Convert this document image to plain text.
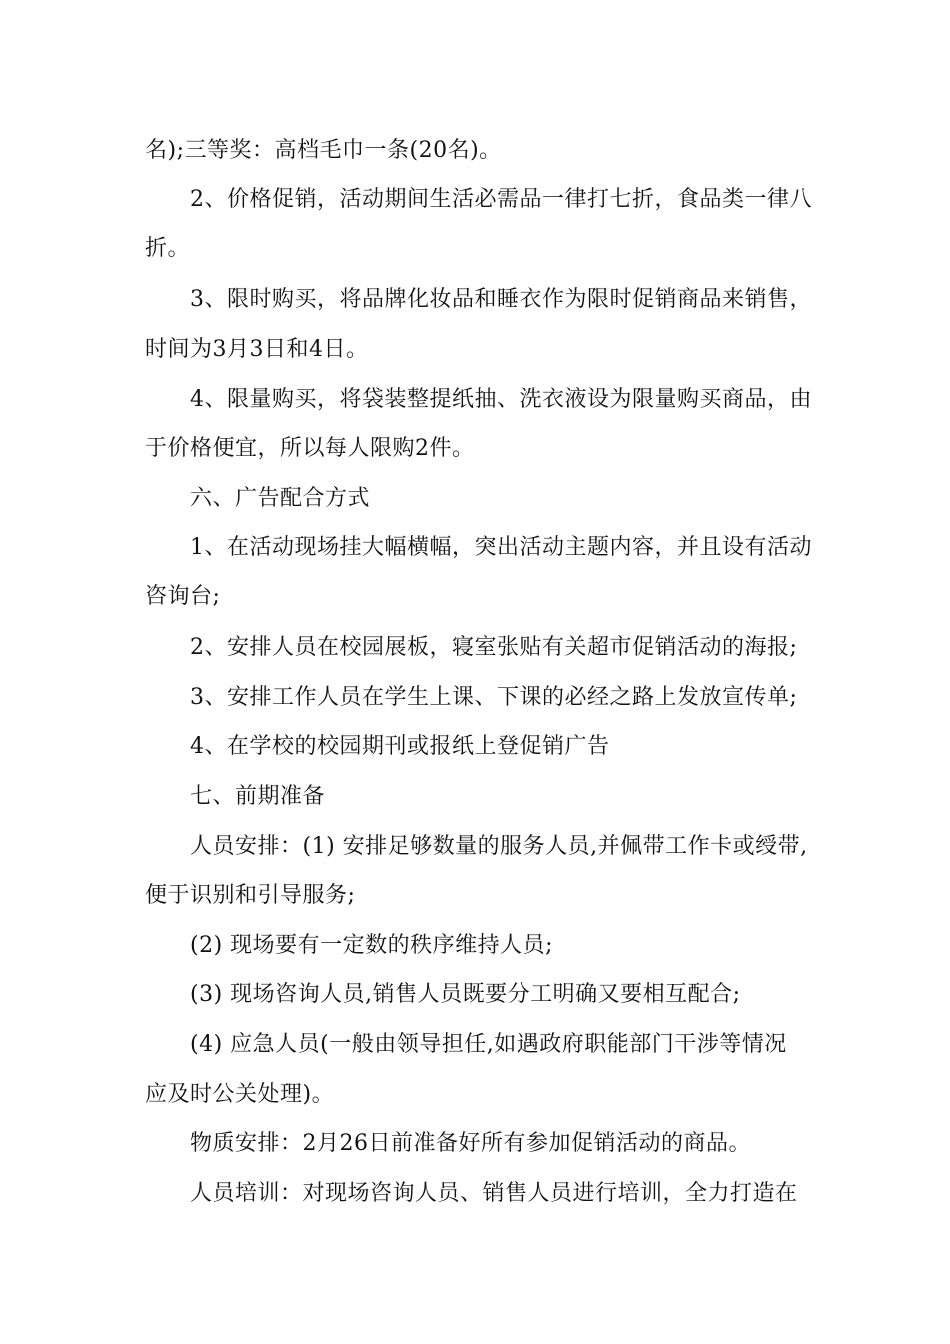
名);三等奖：高档毛巾一条(20名)。
2、价格促销，活动期间生活必需品一律打七折，食品类一律八
折。
3、限时购买，将品牌化妆品和睡衣作为限时促销商品来销售，
时间为3月3日和4日。
4、限量购买，将袋装整提纸抽、洗衣液设为限量购买商品，由
于价格便宜，所以每人限购2件。
六、广告配合方式
1、在活动现场挂大幅横幅，突出活动主题内容，并且设有活动
咨询台;
2、安排人员在校园展板，寝室张贴有关超市促销活动的海报;
3、安排工作人员在学生上课、下课的必经之路上发放宣传单;
4、在学校的校园期刊或报纸上登促销广告
七、前期准备
人员安排：(1) 安排足够数量的服务人员,并佩带工作卡或绶带,
便于识别和引导服务;
(2) 现场要有一定数的秩序维持人员;
(3) 现场咨询人员,销售人员既要分工明确又要相互配合;
(4) 应急人员(一般由领导担任,如遇政府职能部门干涉等情况
应及时公关处理)。
物质安排：2月26日前准备好所有参加促销活动的商品。
人员培训：对现场咨询人员、销售人员进行培训，全力打造在
